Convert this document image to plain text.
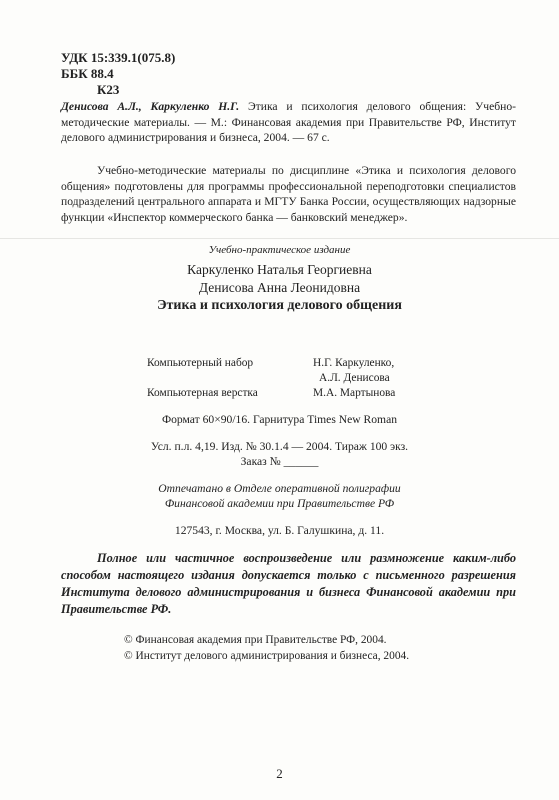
УДК 15:339.1(075.8)
ББК 88.4
К23
Денисова А.Л., Каркуленко Н.Г. Этика и психология делового общения: Учебно-методические материалы. — М.: Финансовая академия при Правительстве РФ, Институт делового администрирования и бизнеса, 2004. — 67 с.
Учебно-методические материалы по дисциплине «Этика и психология делового общения» подготовлены для программы профессиональной переподготовки специалистов подразделений центрального аппарата и МГТУ Банка России, осуществляющих надзорные функции «Инспектор коммерческого банка — банковский менеджер».
Учебно-практическое издание
Каркуленко Наталья Георгиевна
Денисова Анна Леонидовна
Этика и психология делового общения
Компьютерный набор	Н.Г. Каркуленко,
А.Л. Денисова
Компьютерная верстка	М.А. Мартынова
Формат 60×90/16. Гарнитура Times New Roman
Усл. п.л. 4,19. Изд. № 30.1.4 — 2004. Тираж 100 экз.
Заказ № ______
Отпечатано в Отделе оперативной полиграфии
Финансовой академии при Правительстве РФ
127543, г. Москва, ул. Б. Галушкина, д. 11.
Полное или частичное воспроизведение или размножение каким-либо способом настоящего издания допускается только с письменного разрешения Института делового администрирования и бизнеса Финансовой академии при Правительстве РФ.
© Финансовая академия при Правительстве РФ, 2004.
© Институт делового администрирования и бизнеса, 2004.
2
